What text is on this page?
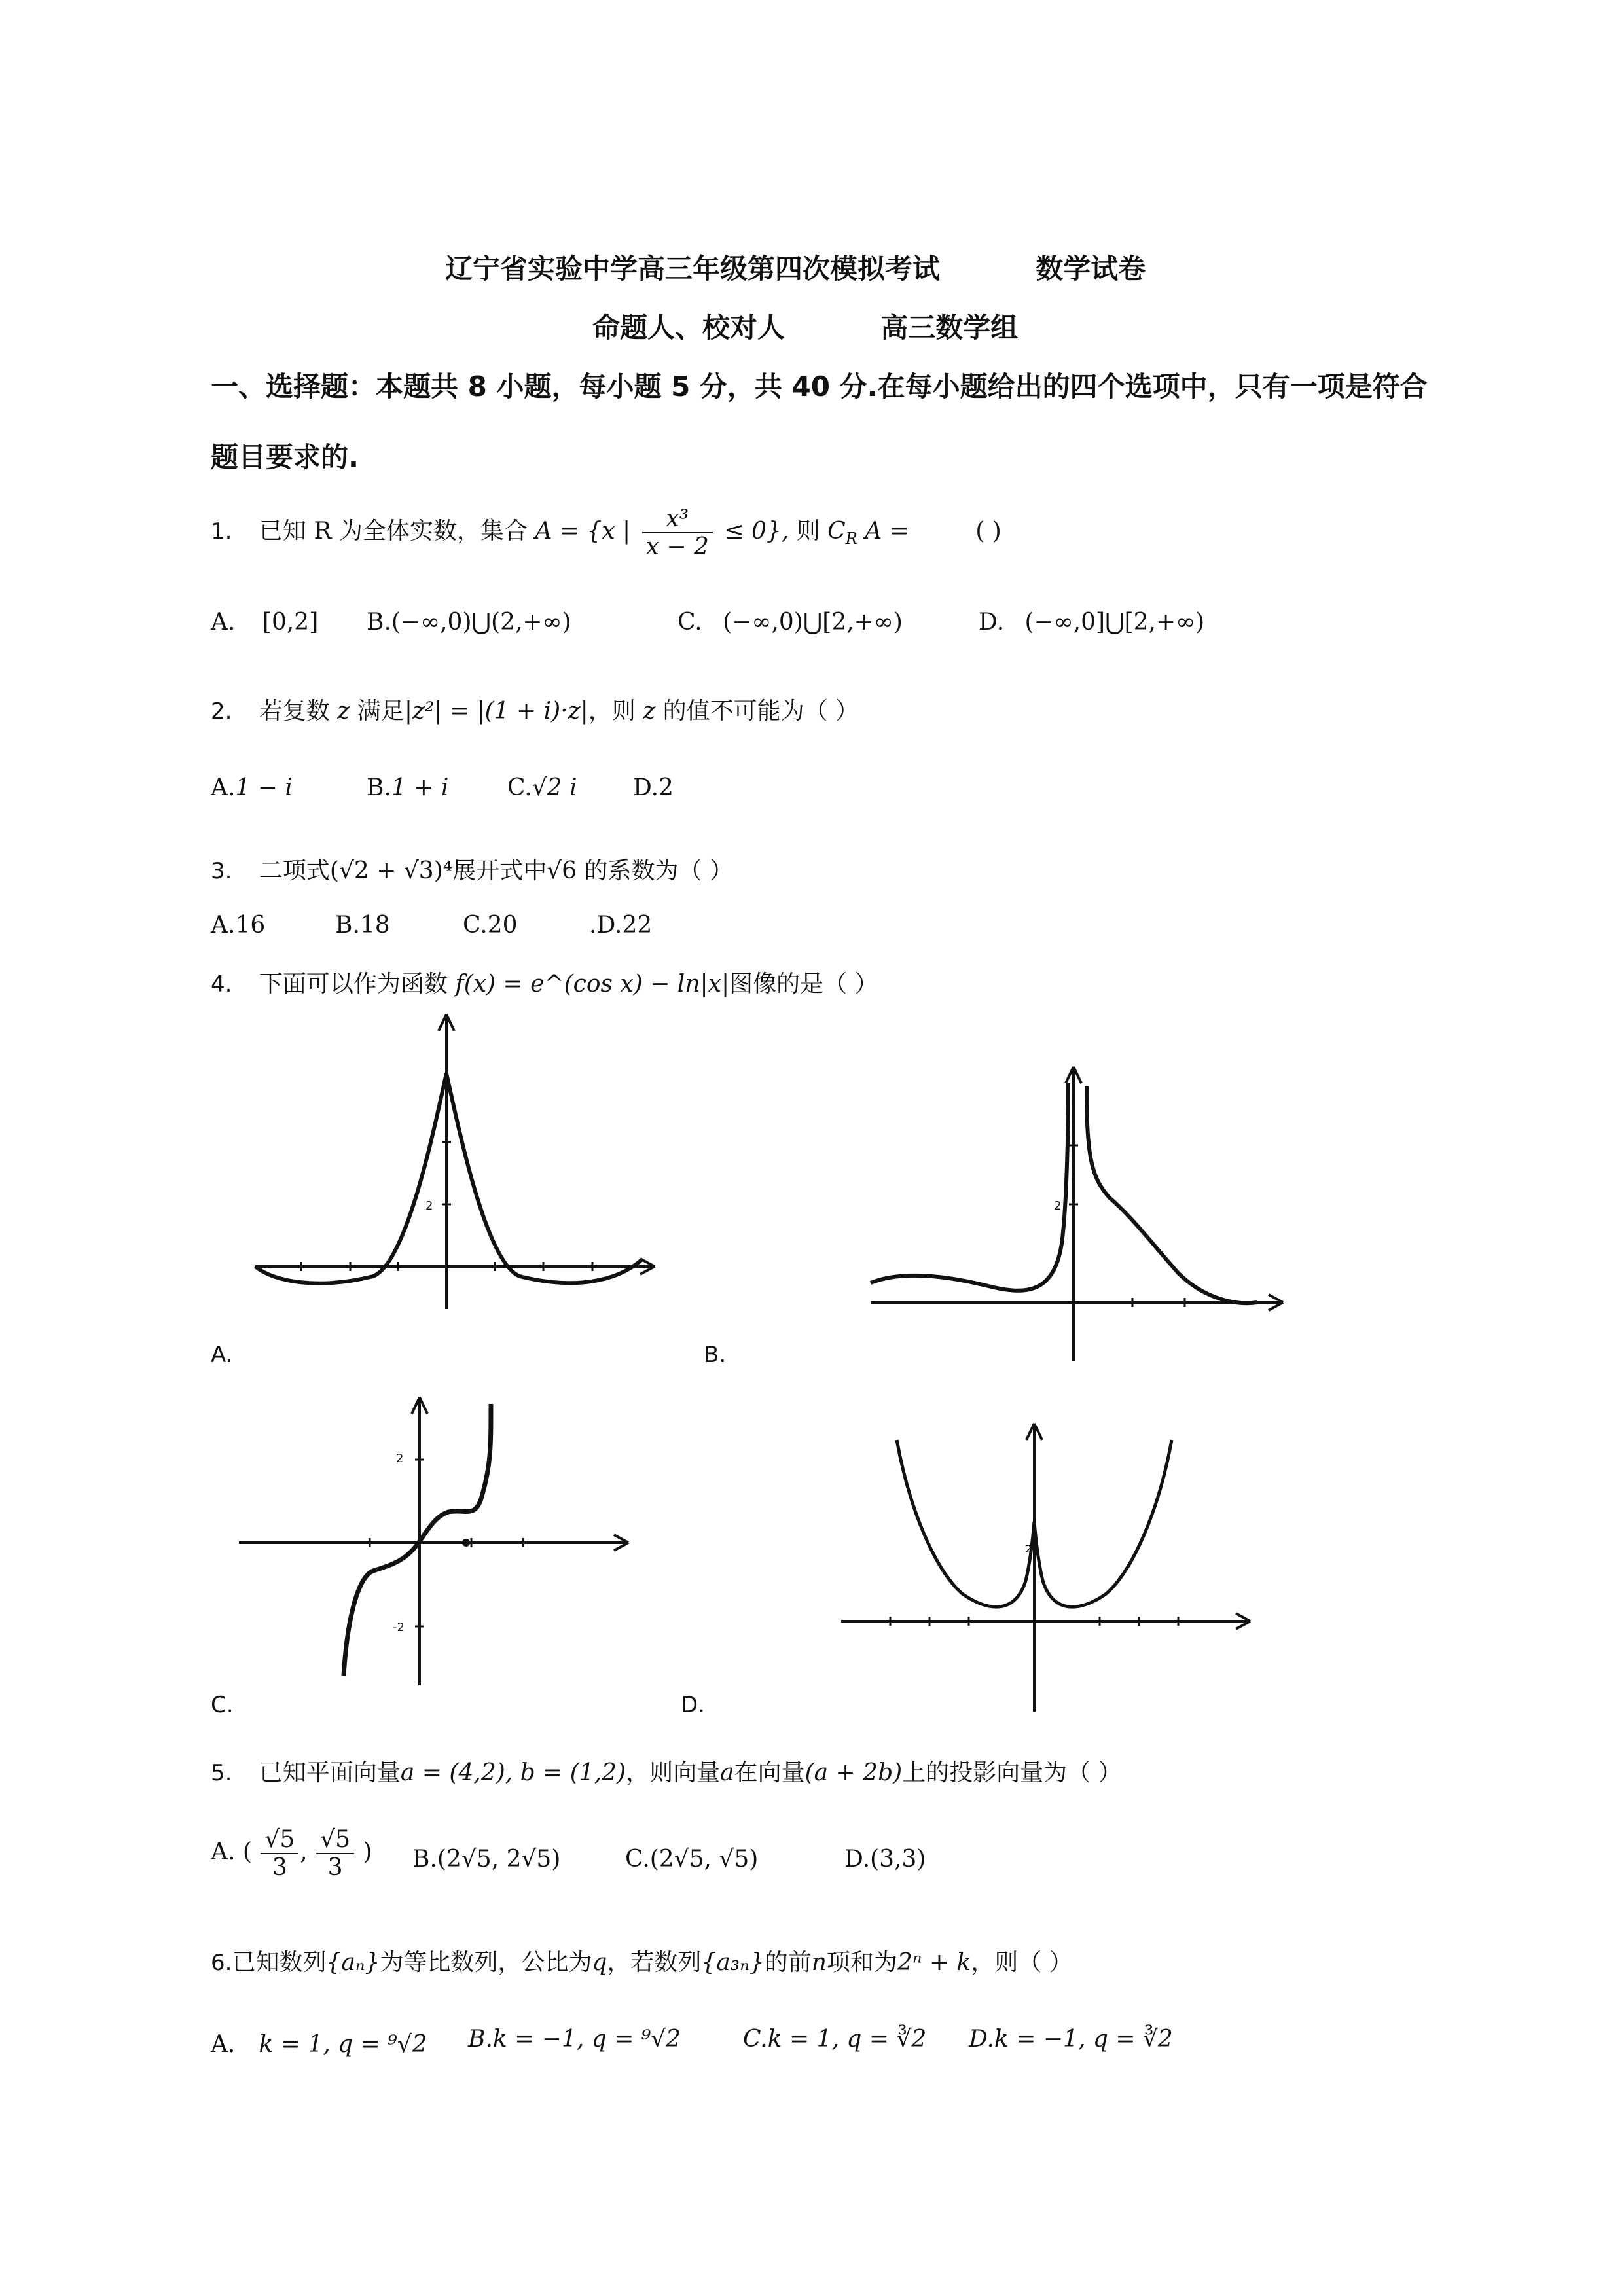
辽宁省实验中学高三年级第四次模拟考试          数学试卷
命题人、校对人          高三数学组
一、选择题：本题共 8 小题，每小题 5 分，共 40 分.在每小题给出的四个选项中，只有一项是符合题目要求的.
1. 已知 R 为全体实数，集合 A = {x | $\frac{\text{x³}}{x - 2} \le 0$}, 则 $C_R$ A =	( )
A. [0,2] B.(−∞,0)⋃(2,+∞)	C. (−∞,0)⋃[2,+∞)	D. (−∞,0]⋃[2,+∞)
2. 若复数 z 满足|z²| = |(1 + i)·z|，则 z 的值不可能为（ ）
A.1 − i	B.1 + i C.√2 i D.2
3. 二项式(√2 + √3)⁴展开式中√6 的系数为（ ）
A.16	B.18	C.20	.D.22
4. 下面可以作为函数 f(x) = e^(cos x) − ln|x|图像的是（ ）
2
A.
2
B.
2
-2
C.
2
D.
5. 已知平面向量a = (4,2), b = (1,2)，则向量a在向量(a + 2b)上的投影向量为（ ）
A. ( $\frac{√5}{3}$ , $\frac{√5}{3}$ ) B.(2√5, 2√5)	C.(2√5, √5)	D.(3,3)
6.已知数列{aₙ}为等比数列，公比为q，若数列{a₃ₙ}的前n项和为2ⁿ + k，则（ ）
A． k = 1, q = ⁹√2 B.k = −1, q = ⁹√2	C.k = 1, q = ∛2 D.k = −1, q = ∛2
